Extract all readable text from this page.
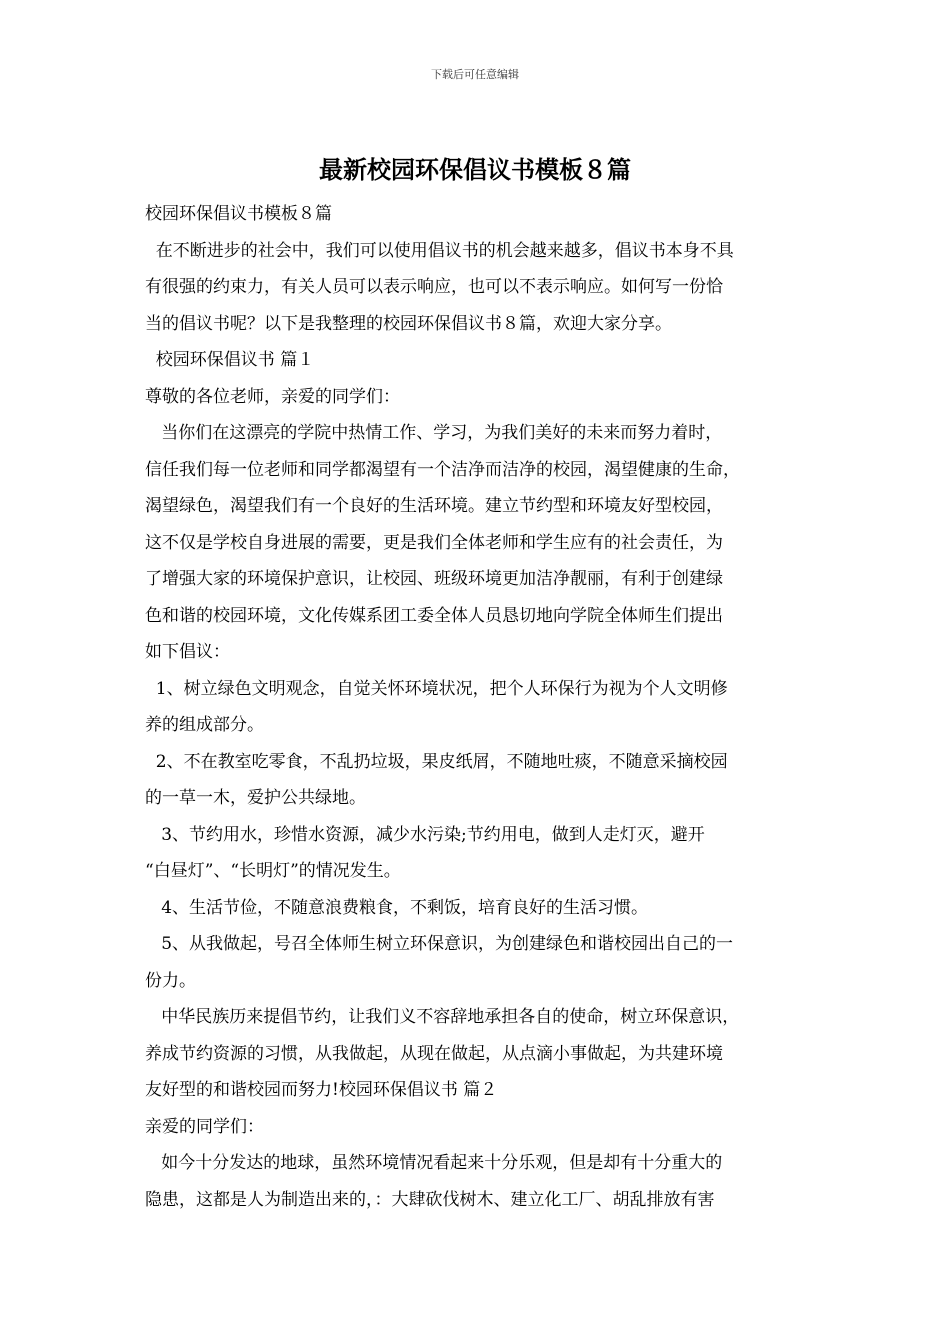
下载后可任意编辑
最新校园环保倡议书模板８篇
校园环保倡议书模板８篇
在不断进步的社会中，我们可以使用倡议书的机会越来越多，倡议书本身不具
有很强的约束力，有关人员可以表示响应，也可以不表示响应。如何写一份恰
当的倡议书呢？以下是我整理的校园环保倡议书８篇，欢迎大家分享。
校园环保倡议书 篇１
尊敬的各位老师，亲爱的同学们：
当你们在这漂亮的学院中热情工作、学习，为我们美好的未来而努力着时，
信任我们每一位老师和同学都渴望有一个洁净而洁净的校园，渴望健康的生命，
渴望绿色，渴望我们有一个良好的生活环境。建立节约型和环境友好型校园，
这不仅是学校自身进展的需要，更是我们全体老师和学生应有的社会责任，为
了增强大家的环境保护意识，让校园、班级环境更加洁净靓丽，有利于创建绿
色和谐的校园环境，文化传媒系团工委全体人员恳切地向学院全体师生们提出
如下倡议：
1、树立绿色文明观念，自觉关怀环境状况，把个人环保行为视为个人文明修
养的组成部分。
2、不在教室吃零食，不乱扔垃圾，果皮纸屑，不随地吐痰，不随意采摘校园
的一草一木，爱护公共绿地。
3、节约用水，珍惜水资源，减少水污染;节约用电，做到人走灯灭，避开
“白昼灯”、“长明灯”的情况发生。
4、生活节俭，不随意浪费粮食，不剩饭，培育良好的生活习惯。
5、从我做起，号召全体师生树立环保意识，为创建绿色和谐校园出自己的一
份力。
中华民族历来提倡节约，让我们义不容辞地承担各自的使命，树立环保意识，
养成节约资源的习惯，从我做起，从现在做起，从点滴小事做起，为共建环境
友好型的和谐校园而努力!校园环保倡议书 篇２
亲爱的同学们：
如今十分发达的地球，虽然环境情况看起来十分乐观，但是却有十分重大的
隐患，这都是人为制造出来的，：大肆砍伐树木、建立化工厂、胡乱排放有害
